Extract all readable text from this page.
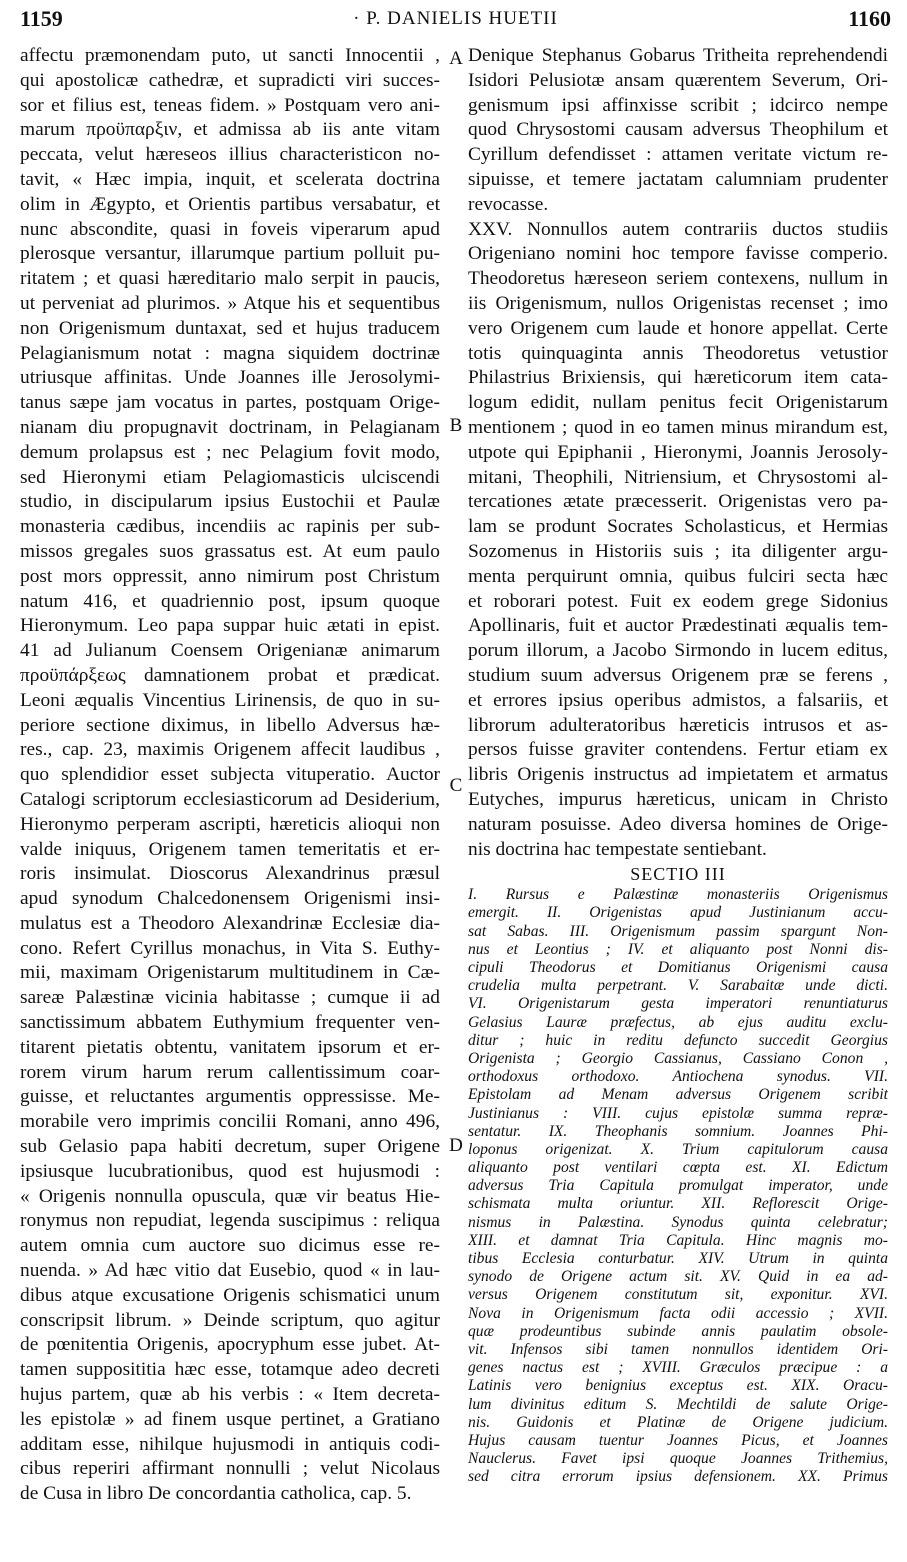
1159	· P. DANIELIS HUETII	1160
A
B
C
D
affectu præmonendam puto, ut sancti Innocentii ,
qui apostolicæ cathedræ, et supradicti viri succes-
sor et filius est, teneas fidem. » Postquam vero ani-
marum προϋπαρξιν, et admissa ab iis ante vitam
peccata, velut hæreseos illius characteristicon no-
tavit, « Hæc impia, inquit, et scelerata doctrina
olim in Ægypto, et Orientis partibus versabatur, et
nunc abscondite, quasi in foveis viperarum apud
plerosque versantur, illarumque partium polluit pu-
ritatem ; et quasi hæreditario malo serpit in paucis,
ut perveniat ad plurimos. » Atque his et sequentibus
non Origenismum duntaxat, sed et hujus traducem
Pelagianismum notat : magna siquidem doctrinæ
utriusque affinitas. Unde Joannes ille Jerosolymi-
tanus sæpe jam vocatus in partes, postquam Orige-
nianam diu propugnavit doctrinam, in Pelagianam
demum prolapsus est ; nec Pelagium fovit modo,
sed Hieronymi etiam Pelagiomasticis ulciscendi
studio, in discipularum ipsius Eustochii et Paulæ
monasteria cædibus, incendiis ac rapinis per sub-
missos gregales suos grassatus est. At eum paulo
post mors oppressit, anno nimirum post Christum
natum 416, et quadriennio post, ipsum quoque
Hieronymum. Leo papa suppar huic ætati in epist.
41 ad Julianum Coensem Origenianæ animarum
προϋπάρξεως damnationem probat et prædicat.
Leoni æqualis Vincentius Lirinensis, de quo in su-
periore sectione diximus, in libello Adversus hæ-
res., cap. 23, maximis Origenem affecit laudibus ,
quo splendidior esset subjecta vituperatio. Auctor
Catalogi scriptorum ecclesiasticorum ad Desiderium,
Hieronymo perperam ascripti, hæreticis alioqui non
valde iniquus, Origenem tamen temeritatis et er-
roris insimulat. Dioscorus Alexandrinus præsul
apud synodum Chalcedonensem Origenismi insi-
mulatus est a Theodoro Alexandrinæ Ecclesiæ dia-
cono. Refert Cyrillus monachus, in Vita S. Euthy-
mii, maximam Origenistarum multitudinem in Cæ-
sareæ Palæstinæ vicinia habitasse ; cumque ii ad
sanctissimum abbatem Euthymium frequenter ven-
titarent pietatis obtentu, vanitatem ipsorum et er-
rorem virum harum rerum callentissimum coar-
guisse, et reluctantes argumentis oppressisse. Me-
morabile vero imprimis concilii Romani, anno 496,
sub Gelasio papa habiti decretum, super Origene
ipsiusque lucubrationibus, quod est hujusmodi :
« Origenis nonnulla opuscula, quæ vir beatus Hie-
ronymus non repudiat, legenda suscipimus : reliqua
autem omnia cum auctore suo dicimus esse re-
nuenda. » Ad hæc vitio dat Eusebio, quod « in lau-
dibus atque excusatione Origenis schismatici unum
conscripsit librum. » Deinde scriptum, quo agitur
de pœnitentia Origenis, apocryphum esse jubet. At-
tamen supposititia hæc esse, totamque adeo decreti
hujus partem, quæ ab his verbis : « Item decreta-
les epistolæ » ad finem usque pertinet, a Gratiano
additam esse, nihilque hujusmodi in antiquis codi-
cibus reperiri affirmant nonnulli ; velut Nicolaus
de Cusa in libro De concordantia catholica, cap. 5.
Denique Stephanus Gobarus Tritheita reprehendendi
Isidori Pelusiotæ ansam quærentem Severum, Ori-
genismum ipsi affinxisse scribit ; idcirco nempe
quod Chrysostomi causam adversus Theophilum et
Cyrillum defendisset : attamen veritate victum re-
sipuisse, et temere jactatam calumniam prudenter
revocasse.
XXV. Nonnullos autem contrariis ductos studiis
Origeniano nomini hoc tempore favisse comperio.
Theodoretus hæreseon seriem contexens, nullum in
iis Origenismum, nullos Origenistas recenset ; imo
vero Origenem cum laude et honore appellat. Certe
totis quinquaginta annis Theodoretus vetustior
Philastrius Brixiensis, qui hæreticorum item cata-
logum edidit, nullam penitus fecit Origenistarum
mentionem ; quod in eo tamen minus mirandum est,
utpote qui Epiphanii , Hieronymi, Joannis Jerosoly-
mitani, Theophili, Nitriensium, et Chrysostomi al-
tercationes ætate præcesserit. Origenistas vero pa-
lam se produnt Socrates Scholasticus, et Hermias
Sozomenus in Historiis suis ; ita diligenter argu-
menta perquirunt omnia, quibus fulciri secta hæc
et roborari potest. Fuit ex eodem grege Sidonius
Apollinaris, fuit et auctor Prædestinati æqualis tem-
porum illorum, a Jacobo Sirmondo in lucem editus,
studium suum adversus Origenem præ se ferens ,
et errores ipsius operibus admistos, a falsariis, et
librorum adulteratoribus hæreticis intrusos et as-
persos fuisse graviter contendens. Fertur etiam ex
libris Origenis instructus ad impietatem et armatus
Eutyches, impurus hæreticus, unicam in Christo
naturam posuisse. Adeo diversa homines de Orige-
nis doctrina hac tempestate sentiebant.
SECTIO III
I. Rursus e Palæstinæ monasteriis Origenismus
emergit. II. Origenistas apud Justinianum accu-
sat Sabas. III. Origenismum passim spargunt Non-
nus et Leontius ; IV. et aliquanto post Nonni dis-
cipuli Theodorus et Domitianus Origenismi causa
crudelia multa perpetrant. V. Sarabaitæ unde dicti.
VI. Origenistarum gesta imperatori renuntiaturus
Gelasius Lauræ præfectus, ab ejus auditu exclu-
ditur ; huic in reditu defuncto succedit Georgius
Origenista ; Georgio Cassianus, Cassiano Conon ,
orthodoxus orthodoxo. Antiochena synodus. VII.
Epistolam ad Menam adversus Origenem scribit
Justinianus : VIII. cujus epistolæ summa repræ-
sentatur. IX. Theophanis somnium. Joannes Phi-
loponus origenizat. X. Trium capitulorum causa
aliquanto post ventilari cœpta est. XI. Edictum
adversus Tria Capitula promulgat imperator, unde
schismata multa oriuntur. XII. Reflorescit Orige-
nismus in Palæstina. Synodus quinta celebratur;
XIII. et damnat Tria Capitula. Hinc magnis mo-
tibus Ecclesia conturbatur. XIV. Utrum in quinta
synodo de Origene actum sit. XV. Quid in ea ad-
versus Origenem constitutum sit, exponitur. XVI.
Nova in Origenismum facta odii accessio ; XVII.
quæ prodeuntibus subinde annis paulatim obsole-
vit. Infensos sibi tamen nonnullos identidem Ori-
genes nactus est ; XVIII. Græculos præcipue : a
Latinis vero benignius exceptus est. XIX. Oracu-
lum divinitus editum S. Mechtildi de salute Orige-
nis. Guidonis et Platinæ de Origene judicium.
Hujus causam tuentur Joannes Picus, et Joannes
Nauclerus. Favet ipsi quoque Joannes Trithemius,
sed citra errorum ipsius defensionem. XX. Primus
